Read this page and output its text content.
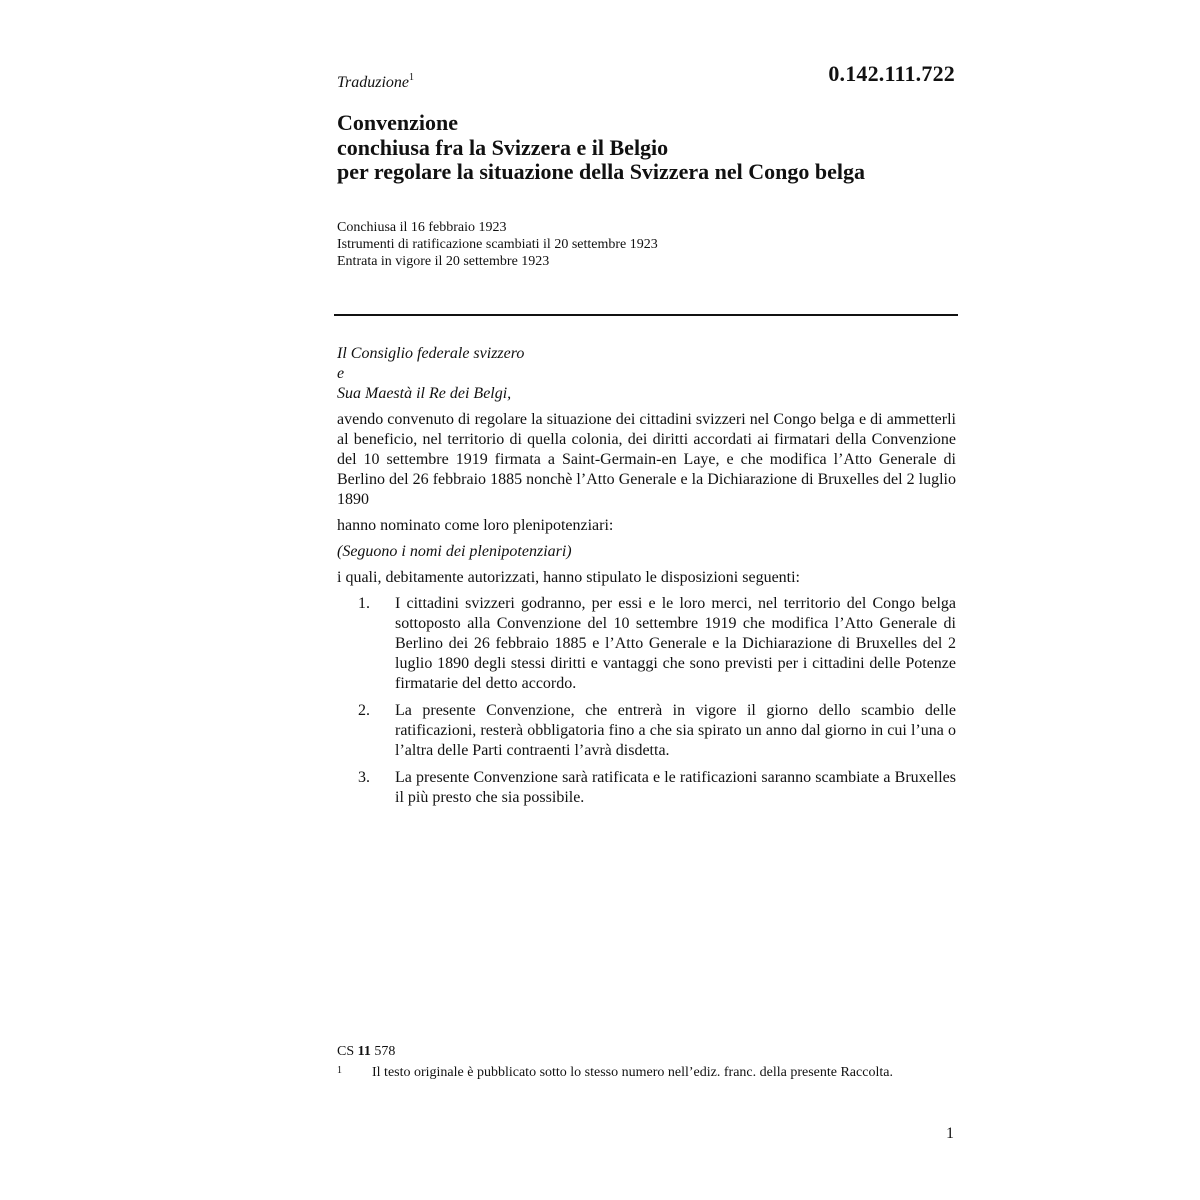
Traduzione$^1$	0.142.111.722
Convenzione
conchiusa fra la Svizzera e il Belgio
per regolare la situazione della Svizzera nel Congo belga
Conchiusa il 16 febbraio 1923
Istrumenti di ratificazione scambiati il 20 settembre 1923
Entrata in vigore il 20 settembre 1923

Il Consiglio federale svizzero

e

Sua Maestà il Re dei Belgi,

avendo convenuto di regolare la situazione dei cittadini svizzeri nel Congo belga e di ammetterli al beneficio, nel territorio di quella colonia, dei diritti accordati ai firmatari della Convenzione del 10 settembre 1919 firmata a Saint-Germain-en Laye, e che modifica l’Atto Generale di Berlino del 26 febbraio 1885 nonchè l’Atto Generale e la Dichiarazione di Bruxelles del 2 luglio 1890

hanno nominato come loro plenipotenziari:

(Seguono i nomi dei plenipotenziari)

i quali, debitamente autorizzati, hanno stipulato le disposizioni seguenti:

1.	I cittadini svizzeri godranno, per essi e le loro merci, nel territorio del Congo belga sottoposto alla Convenzione del 10 settembre 1919 che modifica l’Atto Generale di Berlino dei 26 febbraio 1885 e l’Atto Generale e la Dichiarazione di Bruxelles del 2 luglio 1890 degli stessi diritti e vantaggi che sono previsti per i cittadini delle Potenze firmatarie del detto accordo.
2.	La presente Convenzione, che entrerà in vigore il giorno dello scambio delle ratificazioni, resterà obbligatoria fino a che sia spirato un anno dal giorno in cui l’una o l’altra delle Parti contraenti l’avrà disdetta.
3.	La presente Convenzione sarà ratificata e le ratificazioni saranno scambiate a Bruxelles il più presto che sia possibile.
CS 11 578
1	Il testo originale è pubblicato sotto lo stesso numero nell’ediz. franc. della presente Raccolta.
1
